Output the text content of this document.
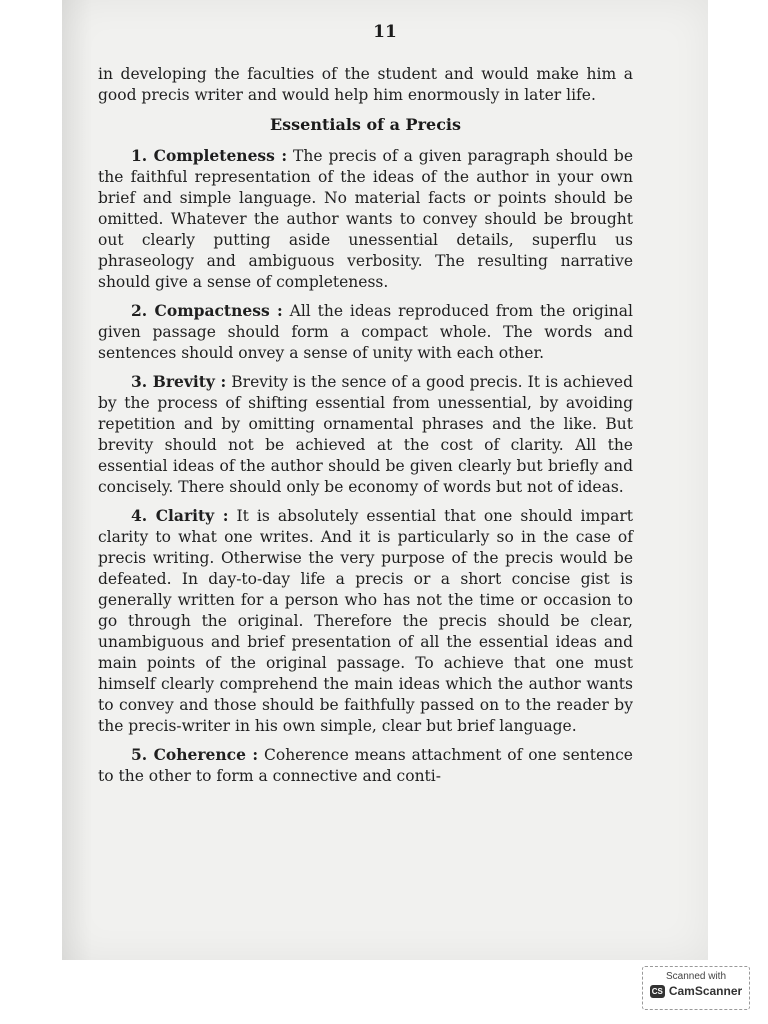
11

in developing the faculties of the student and would make him a good precis writer and would help him enormously in later life.

Essentials of a Precis

1. Completeness : The precis of a given paragraph should be the faithful representation of the ideas of the author in your own brief and simple language. No material facts or points should be omitted. Whatever the author wants to convey should be brought out clearly putting aside unessential details, superflu us phraseology and ambiguous verbosity. The resulting narrative should give a sense of completeness.

2. Compactness : All the ideas reproduced from the original given passage should form a compact whole. The words and sentences should onvey a sense of unity with each other.

3. Brevity : Brevity is the sence of a good precis. It is achieved by the process of shifting essential from unessential, by avoiding repetition and by omitting ornamental phrases and the like. But brevity should not be achieved at the cost of clarity. All the essential ideas of the author should be given clearly but briefly and concisely. There should only be economy of words but not of ideas.

4. Clarity : It is absolutely essential that one should impart clarity to what one writes. And it is particularly so in the case of precis writing. Otherwise the very purpose of the precis would be defeated. In day-to-day life a precis or a short concise gist is generally written for a person who has not the time or occasion to go through the original. Therefore the precis should be clear, unambiguous and brief presentation of all the essential ideas and main points of the original passage. To achieve that one must himself clearly comprehend the main ideas which the author wants to convey and those should be faithfully passed on to the reader by the precis-writer in his own simple, clear but brief language.

5. Coherence : Coherence means attachment of one sentence to the other to form a connective and conti-

Scanned with
CS CamScanner
